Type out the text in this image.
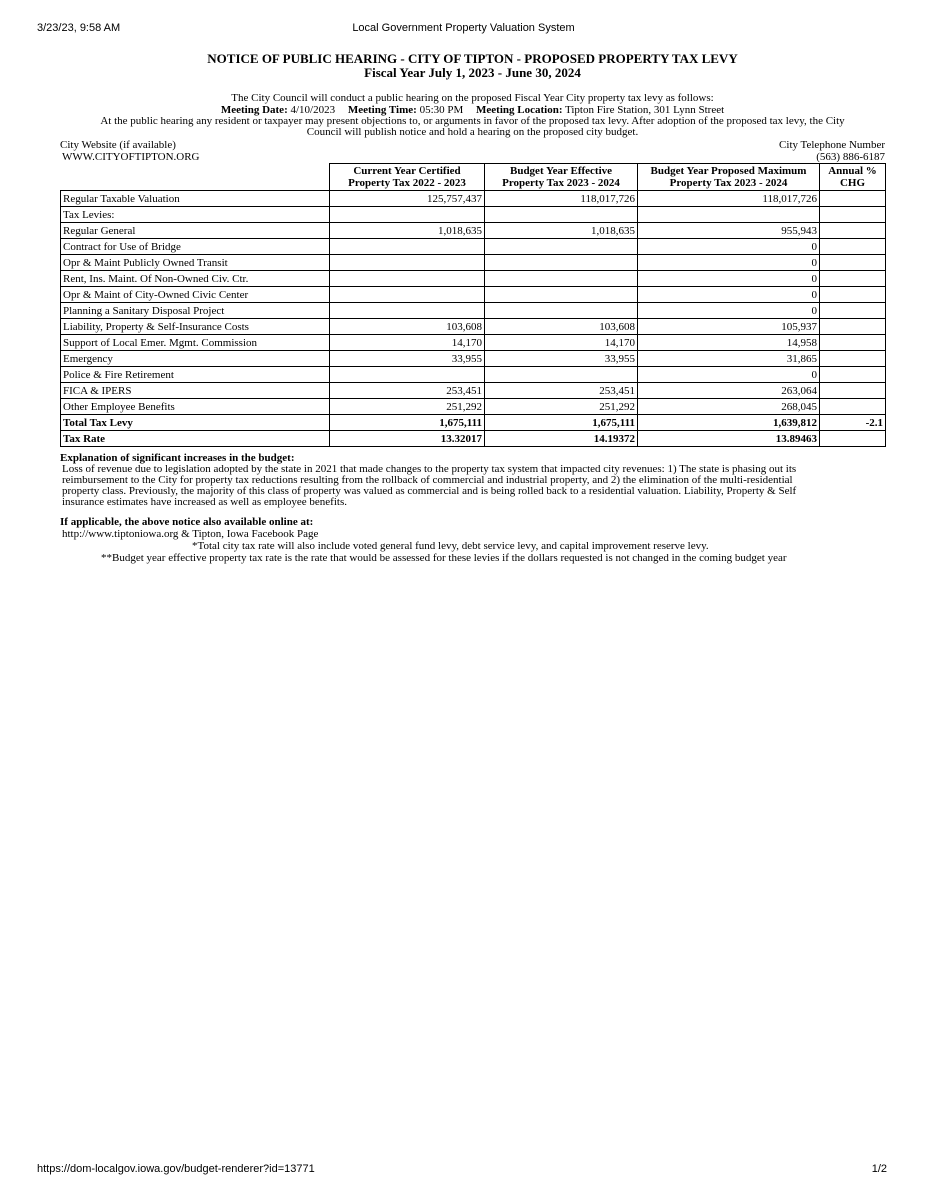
3/23/23, 9:58 AM	Local Government Property Valuation System
NOTICE OF PUBLIC HEARING - CITY OF TIPTON - PROPOSED PROPERTY TAX LEVY
Fiscal Year July 1, 2023 - June 30, 2024
The City Council will conduct a public hearing on the proposed Fiscal Year City property tax levy as follows:
Meeting Date: 4/10/2023 Meeting Time: 05:30 PM Meeting Location: Tipton Fire Station, 301 Lynn Street
At the public hearing any resident or taxpayer may present objections to, or arguments in favor of the proposed tax levy. After adoption of the proposed tax levy, the City
Council will publish notice and hold a hearing on the proposed city budget.
City Website (if available)
WWW.CITYOFTIPTON.ORG
City Telephone Number
(563) 886-6187
	Current Year Certified
Property Tax 2022 - 2023	Budget Year Effective
Property Tax 2023 - 2024	Budget Year Proposed Maximum
Property Tax 2023 - 2024	Annual %
CHG
Regular Taxable Valuation	125,757,437	118,017,726	118,017,726	
Tax Levies:				
Regular General	1,018,635	1,018,635	955,943	
Contract for Use of Bridge			0	
Opr & Maint Publicly Owned Transit			0	
Rent, Ins. Maint. Of Non-Owned Civ. Ctr.			0	
Opr & Maint of City-Owned Civic Center			0	
Planning a Sanitary Disposal Project			0	
Liability, Property & Self-Insurance Costs	103,608	103,608	105,937	
Support of Local Emer. Mgmt. Commission	14,170	14,170	14,958	
Emergency	33,955	33,955	31,865	
Police & Fire Retirement			0	
FICA & IPERS	253,451	253,451	263,064	
Other Employee Benefits	251,292	251,292	268,045	
Total Tax Levy	1,675,111	1,675,111	1,639,812	-2.1
Tax Rate	13.32017	14.19372	13.89463	
Explanation of significant increases in the budget:
Loss of revenue due to legislation adopted by the state in 2021 that made changes to the property tax system that impacted city revenues: 1) The state is phasing out its
reimbursement to the City for property tax reductions resulting from the rollback of commercial and industrial property, and 2) the elimination of the multi-residential
property class. Previously, the majority of this class of property was valued as commercial and is being rolled back to a residential valuation. Liability, Property & Self
insurance estimates have increased as well as employee benefits.
If applicable, the above notice also available online at:
http://www.tiptoniowa.org & Tipton, Iowa Facebook Page
*Total city tax rate will also include voted general fund levy, debt service levy, and capital improvement reserve levy.
**Budget year effective property tax rate is the rate that would be assessed for these levies if the dollars requested is not changed in the coming budget year
https://dom-localgov.iowa.gov/budget-renderer?id=13771	1/2
